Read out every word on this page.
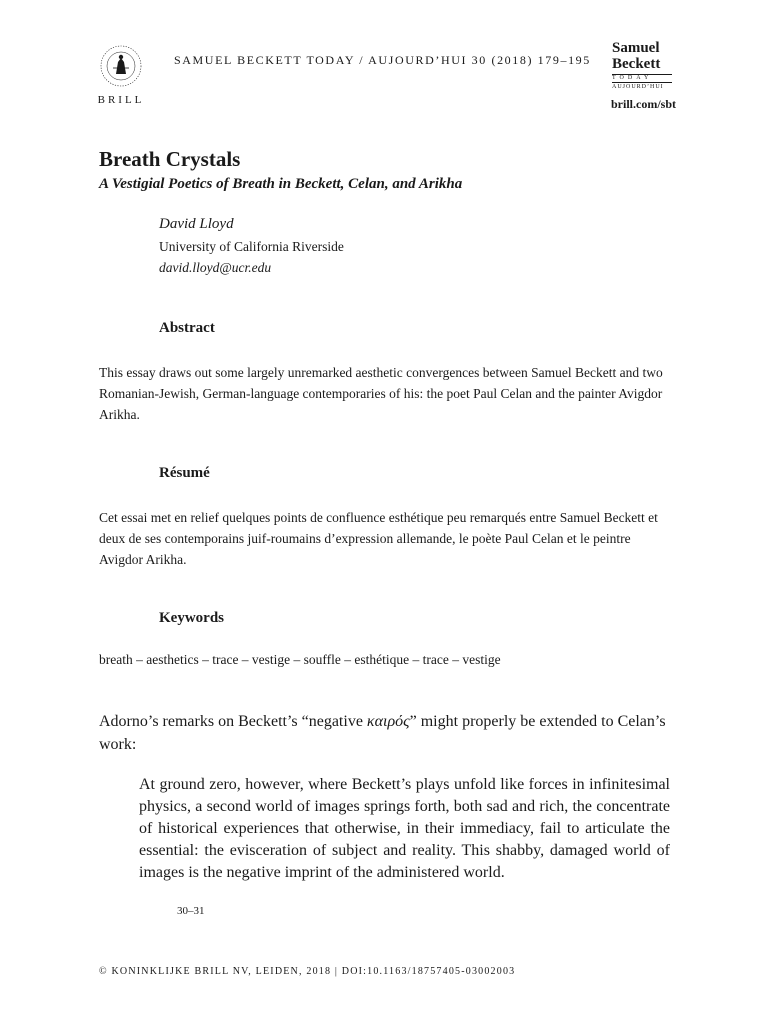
BRILL
SAMUEL BECKETT TODAY / AUJOURD’HUI 30 (2018) 179–195
Samuel
Beckett
TODAY
AUJOURD’HUI
brill.com/sbt
Breath Crystals
A Vestigial Poetics of Breath in Beckett, Celan, and Arikha
David Lloyd
University of California Riverside
david.lloyd@ucr.edu
Abstract
This essay draws out some largely unremarked aesthetic convergences between Samuel Beckett and two Romanian-Jewish, German-language contemporaries of his: the poet Paul Celan and the painter Avigdor Arikha.
Résumé
Cet essai met en relief quelques points de confluence esthétique peu remarqués entre Samuel Beckett et deux de ses contemporains juif-roumains d’expression allemande, le poète Paul Celan et le peintre Avigdor Arikha.
Keywords
breath – aesthetics – trace – vestige – souffle – esthétique – trace – vestige
Adorno’s remarks on Beckett’s “negative καιρός” might properly be extended to Celan’s work:
At ground zero, however, where Beckett’s plays unfold like forces in infinitesimal physics, a second world of images springs forth, both sad and rich, the concentrate of historical experiences that otherwise, in their immediacy, fail to articulate the essential: the evisceration of subject and reality. This shabby, damaged world of images is the negative imprint of the administered world.
30–31
© KONINKLIJKE BRILL NV, LEIDEN, 2018 | DOI:10.1163/18757405-03002003
